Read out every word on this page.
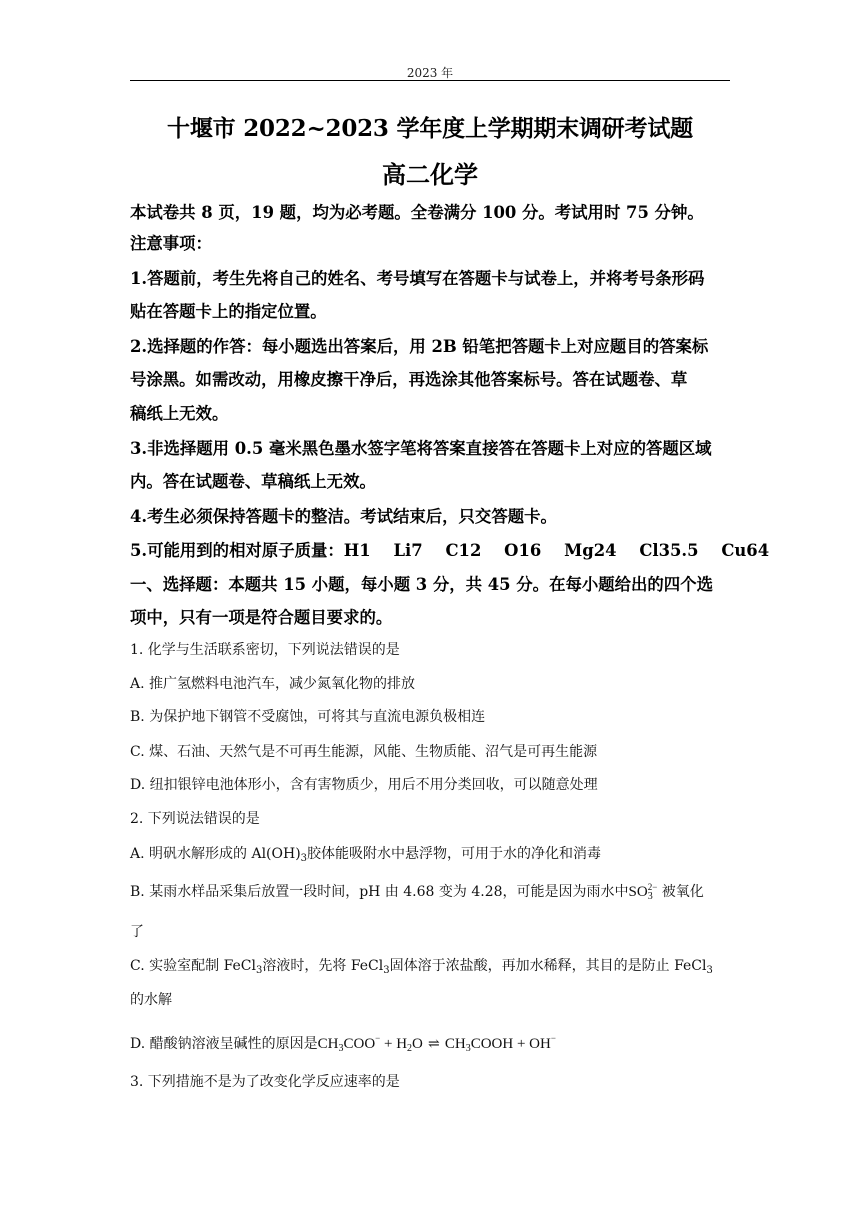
2023 年
十堰市 2022~2023 学年度上学期期末调研考试题
高二化学
本试卷共 8 页，19 题，均为必考题。全卷满分 100 分。考试用时 75 分钟。
注意事项：
1.答题前，考生先将自己的姓名、考号填写在答题卡与试卷上，并将考号条形码
贴在答题卡上的指定位置。
2.选择题的作答：每小题选出答案后，用 2B 铅笔把答题卡上对应题目的答案标
号涂黑。如需改动，用橡皮擦干净后，再选涂其他答案标号。答在试题卷、草
稿纸上无效。
3.非选择题用 0.5 毫米黑色墨水签字笔将答案直接答在答题卡上对应的答题区域
内。答在试题卷、草稿纸上无效。
4.考生必须保持答题卡的整洁。考试结束后，只交答题卡。
5.可能用到的相对原子质量：H1    Li7    C12    O16    Mg24    Cl35.5    Cu64
一、选择题：本题共 15 小题，每小题 3 分，共 45 分。在每小题给出的四个选
项中，只有一项是符合题目要求的。
1. 化学与生活联系密切，下列说法错误的是
A. 推广氢燃料电池汽车，减少氮氧化物的排放
B. 为保护地下钢管不受腐蚀，可将其与直流电源负极相连
C. 煤、石油、天然气是不可再生能源，风能、生物质能、沼气是可再生能源
D. 纽扣银锌电池体形小，含有害物质少，用后不用分类回收，可以随意处理
2. 下列说法错误的是
A. 明矾水解形成的 $Al(OH)_3$胶体能吸附水中悬浮物，可用于水的净化和消毒
B. 某雨水样品采集后放置一段时间，pH 由 4.68 变为 4.28，可能是因为雨水中SO 2−
3 被氧化
了
C. 实验室配制 FeCl$_3$溶液时，先将 FeCl$_3$固体溶于浓盐酸，再加水稀释，其目的是防止 FeCl$_3$
的水解
D. 醋酸钠溶液呈碱性的原因是$CH_3COO^- + H_2O$ ⇌ $CH_3COOH + OH^-$
3. 下列措施不是为了改变化学反应速率的是
